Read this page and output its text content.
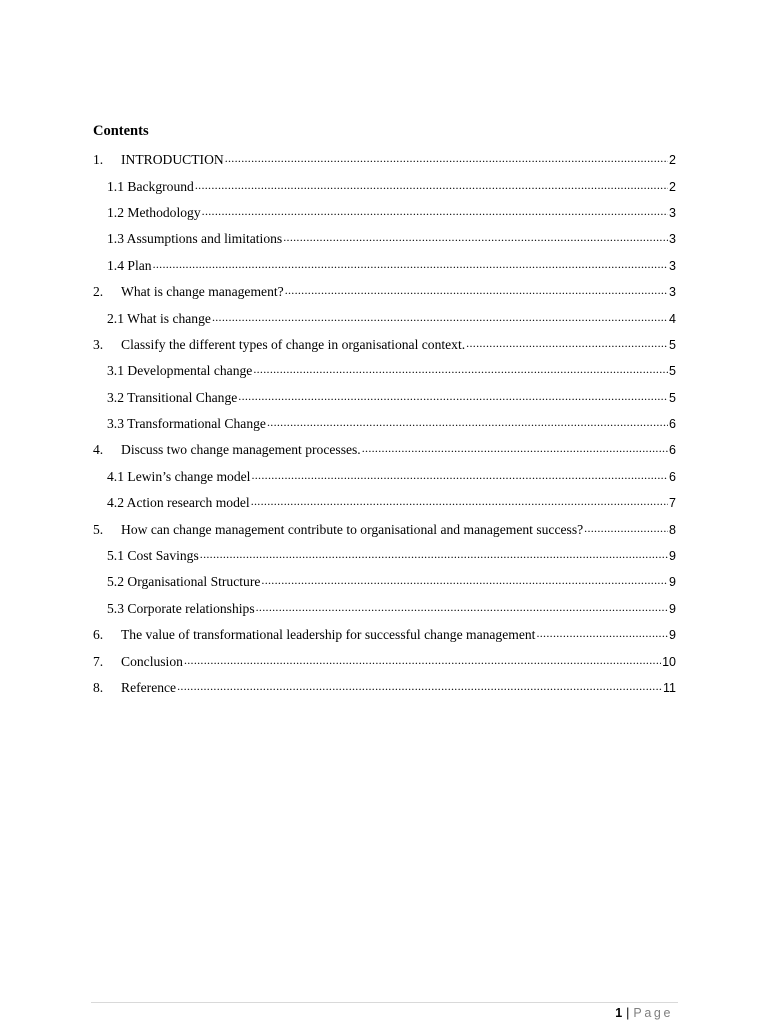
Contents
1.	INTRODUCTION .....	2
1.1 Background .....	2
1.2 Methodology .....	3
1.3 Assumptions and limitations .....	3
1.4 Plan .....	3
2.	What is change management? .....	3
2.1 What is change .....	4
3.	Classify the different types of change in organisational context. .....	5
3.1 Developmental change .....	5
3.2 Transitional Change .....	5
3.3 Transformational Change .....	6
4.	Discuss two change management processes. .....	6
4.1 Lewin’s change model .....	6
4.2 Action research model .....	7
5.	How can change management contribute to organisational and management success? .....	8
5.1 Cost Savings .....	9
5.2 Organisational Structure .....	9
5.3 Corporate relationships .....	9
6.	The value of transformational leadership for successful change management .....	9
7.	Conclusion .....	10
8.	Reference .....	11
1 | Page
